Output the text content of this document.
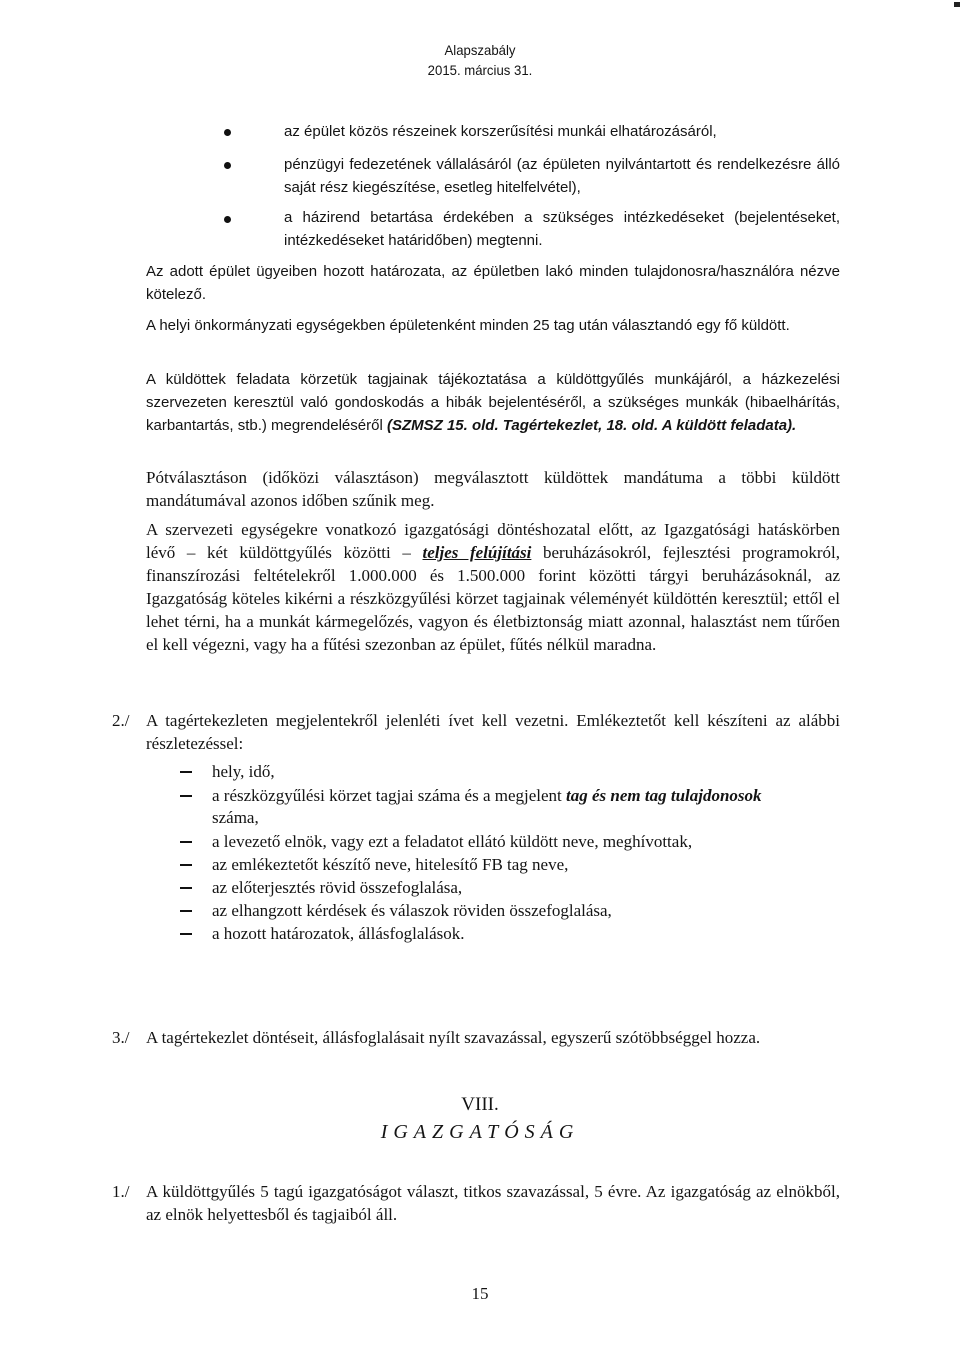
Alapszabály
2015. március 31.
az épület közös részeinek korszerűsítési munkái elhatározásáról,
pénzügyi fedezetének vállalásáról (az épületen nyilvántartott és rendelkezésre álló saját rész kiegészítése, esetleg hitelfelvétel),
a házirend betartása érdekében a szükséges intézkedéseket (bejelentéseket, intézkedéseket határidőben) megtenni.
Az adott épület ügyeiben hozott határozata, az épületben lakó minden tulajdonosra/használóra nézve kötelező.
A helyi önkormányzati egységekben épületenként minden 25 tag után választandó egy fő küldött.
A küldöttek feladata körzetük tagjainak tájékoztatása a küldöttgyűlés munkájáról, a házkezelési szervezeten keresztül való gondoskodás a hibák bejelentéséről, a szükséges munkák (hibaelhárítás, karbantartás, stb.) megrendeléséről (SZMSZ 15. old. Tagértekezlet, 18. old. A küldött feladata).
Pótválasztáson (időközi választáson) megválasztott küldöttek mandátuma a többi küldött mandátumával azonos időben szűnik meg.
A szervezeti egységekre vonatkozó igazgatósági döntéshozatal előtt, az Igazgatósági hatáskörben lévő – két küldöttgyűlés közötti – teljes felújítási beruházásokról, fejlesztési programokról, finanszírozási feltételekről 1.000.000 és 1.500.000 forint közötti tárgyi beruházásoknál, az Igazgatóság köteles kikérni a részközgyűlési körzet tagjainak véleményét küldöttén keresztül; ettől el lehet térni, ha a munkát kármegelőzés, vagyon és életbiztonság miatt azonnal, halasztást nem tűrően el kell végezni, vagy ha a fűtési szezonban az épület, fűtés nélkül maradna.
2./ A tagértekezleten megjelentekről jelenléti ívet kell vezetni. Emlékeztetőt kell készíteni az alábbi részletezéssel:
hely, idő,
a részközgyűlési körzet tagjai száma és a megjelent tag és nem tag tulajdonosok
száma,
a levezető elnök, vagy ezt a feladatot ellátó küldött neve, meghívottak,
az emlékeztetőt készítő neve, hitelesítő FB tag neve,
az előterjesztés rövid összefoglalása,
az elhangzott kérdések és válaszok röviden összefoglalása,
a hozott határozatok, állásfoglalások.
3./ A tagértekezlet döntéseit, állásfoglalásait nyílt szavazással, egyszerű szótöbbséggel hozza.
VIII.
IGAZGATÓSÁG
1./ A küldöttgyűlés 5 tagú igazgatóságot választ, titkos szavazással, 5 évre. Az igazgatóság az elnökből, az elnök helyettesből és tagjaiból áll.
15
